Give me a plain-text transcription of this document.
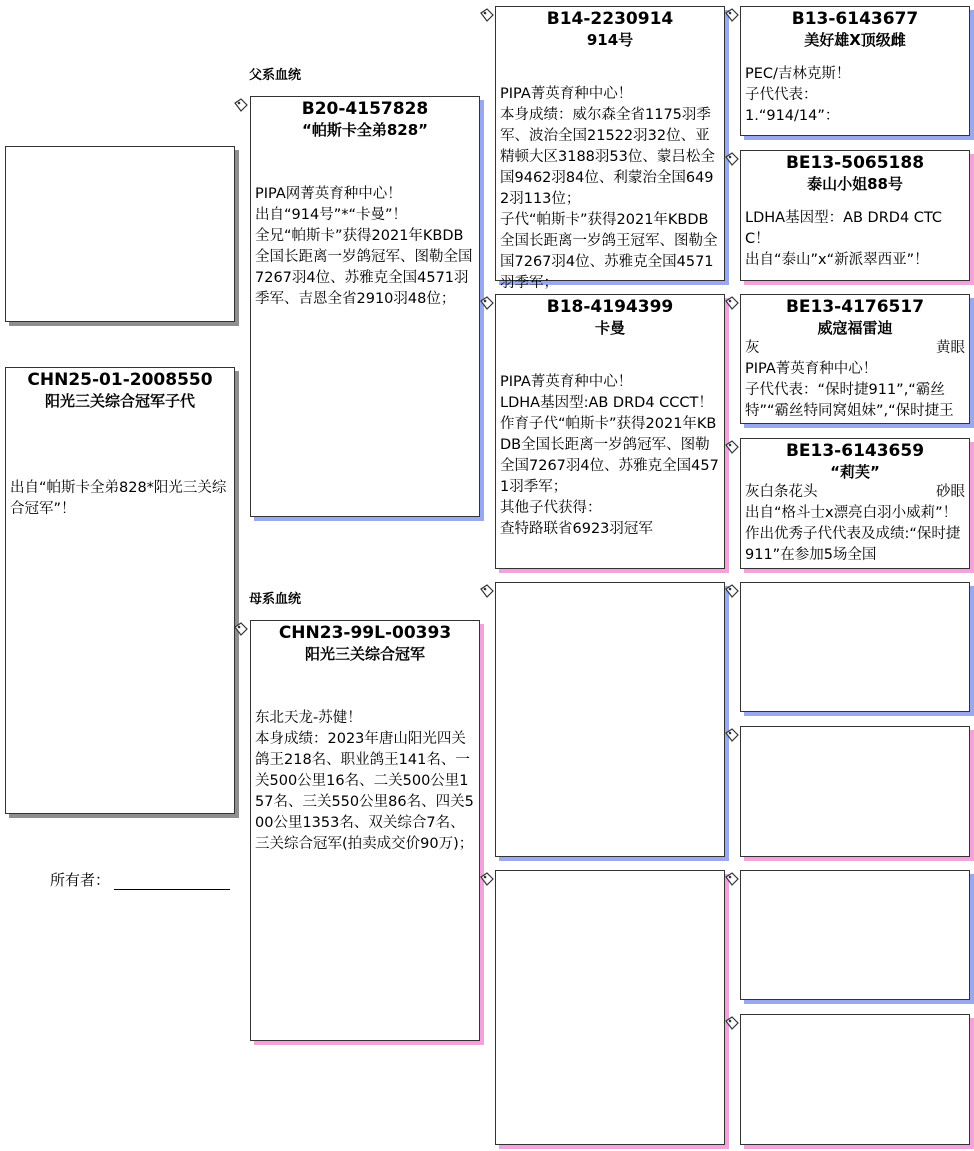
父系血统
母系血统
CHN25-01-2008550
阳光三关综合冠军子代
出自“帕斯卡全弟828*阳光三关综合冠军”！
所有者：
B20-4157828
“帕斯卡全弟828”
PIPA网菁英育种中心！
出自“914号”*“卡曼”！
全兄“帕斯卡”获得2021年KBDB全国长距离一岁鸽冠军、图勒全国7267羽4位、苏雅克全国4571羽季军、吉恩全省2910羽48位；
CHN23-99L-00393
阳光三关综合冠军
东北天龙-苏健！
本身成绩：2023年唐山阳光四关鸽王218名、职业鸽王141名、一关500公里16名、二关500公里157名、三关550公里86名、四关500公里1353名、双关综合7名、三关综合冠军(拍卖成交价90万)；
B14-2230914
914号
PIPA菁英育种中心！
本身成绩：威尔森全省1175羽季军、波治全国21522羽32位、亚精顿大区3188羽53位、蒙吕松全国9462羽84位、利蒙治全国6492羽113位；
子代“帕斯卡”获得2021年KBDB全国长距离一岁鸽王冠军、图勒全国7267羽4位、苏雅克全国4571羽季军；
B18-4194399
卡曼
PIPA菁英育种中心！
LDHA基因型:AB DRD4 CCCT！
作育子代“帕斯卡”获得2021年KBDB全国长距离一岁鸽冠军、图勒全国7267羽4位、苏雅克全国4571羽季军；
其他子代获得：
查特路联省6923羽冠军
B13-6143677
美好雄X顶级雌
PEC/吉林克斯！
子代代表：
1.“914/14”：
BE13-5065188
泰山小姐88号
LDHA基因型：AB DRD4 CTCC！
出自“泰山”x“新派翠西亚”！
BE13-4176517
威寇福雷迪
灰	黄眼
PIPA菁英育种中心！
子代代表：“保时捷911”,“霸丝特”“霸丝特同窝姐妹”,“保时捷王
BE13-6143659
“莉芙”
灰白条花头	砂眼
出自“格斗士x漂亮白羽小威莉”！作出优秀子代代表及成绩:“保时捷911”在参加5场全国
